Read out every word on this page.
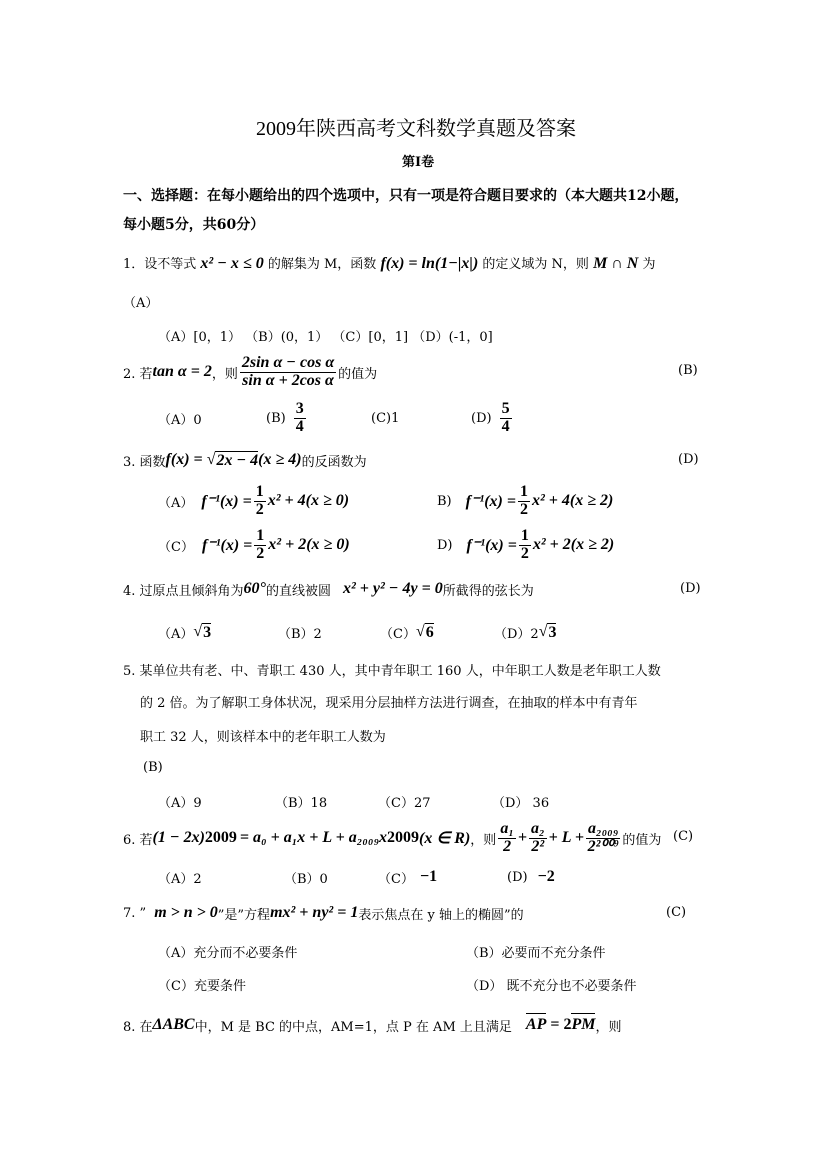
2009年陕西高考文科数学真题及答案
第Ⅰ卷
一、选择题：在每小题给出的四个选项中，只有一项是符合题目要求的（本大题共12小题，
每小题5分，共60分）
1．设不等式 x² − x ≤ 0 的解集为 M，函数 f(x) = ln(1−|x|) 的定义域为 N，则 M ∩ N 为
（A）
（A）[0，1） （B）(0，1） （C）[0，1] （D）(-1，0]
2. 若 tan α = 2 ，则 $\frac{\text{2sin α − cos α}}{\text{sin α + 2cos α}}$ 的值为	(B)
（A）0	$(B) \frac{3}{4}$	(C)1	$(D) \frac{5}{4}$
3. 函数 f(x) = √ 2x − 4 (x ≥ 4) 的反函数为	(D)
（A） $f^{-1}(x) = \frac{1}{2} x^2 + 4(x \ge 0)$	B) $f^{-1}(x) = \frac{1}{2} x^2 + 4(x \ge 2)$
（C） $f^{-1}(x) = \frac{1}{2} x^2 + 2(x \ge 0)$	D) $f^{-1}(x) = \frac{1}{2} x^2 + 2(x \ge 2)$
4. 过原点且倾斜角为 60° 的直线被圆 x² + y² − 4y = 0 所截得的弦长为	(D)
（A） √ 3	（B）2	（C） √ 6	（D）2 √ 3
5. 某单位共有老、中、青职工 430 人，其中青年职工 160 人，中年职工人数是老年职工人数
的 2 倍。为了解职工身体状况，现采用分层抽样方法进行调查，在抽取的样本中有青年
职工 32 人，则该样本中的老年职工人数为
(B)
（A）9	（B）18	（C）27	（D） 36
6. 若 (1 − 2x) 2009 = a₀ + a₁x + L + a₂₀₀₉x 2009 (x ∈ R) ，则 $\frac{\text{a₁}}{2} + \frac{\text{a₂}}{\text{2²}} + L + \frac{\text{a₂₀₀₉}}{\text{2²⁰⁰⁹}}$ 的值为 (C)
（A）2	（B）0	（C） −1	(D) −2
7. ” m > n > 0 ”是”方程 mx² + ny² = 1 表示焦点在 y 轴上的椭圆”的	(C)
（A）充分而不必要条件	（B）必要而不充分条件
（C）充要条件	（D） 既不充分也不必要条件
8. 在 ΔABC 中，M 是 BC 的中点，AM=1，点 P 在 AM 上且满足 AP = 2 PM ，则
